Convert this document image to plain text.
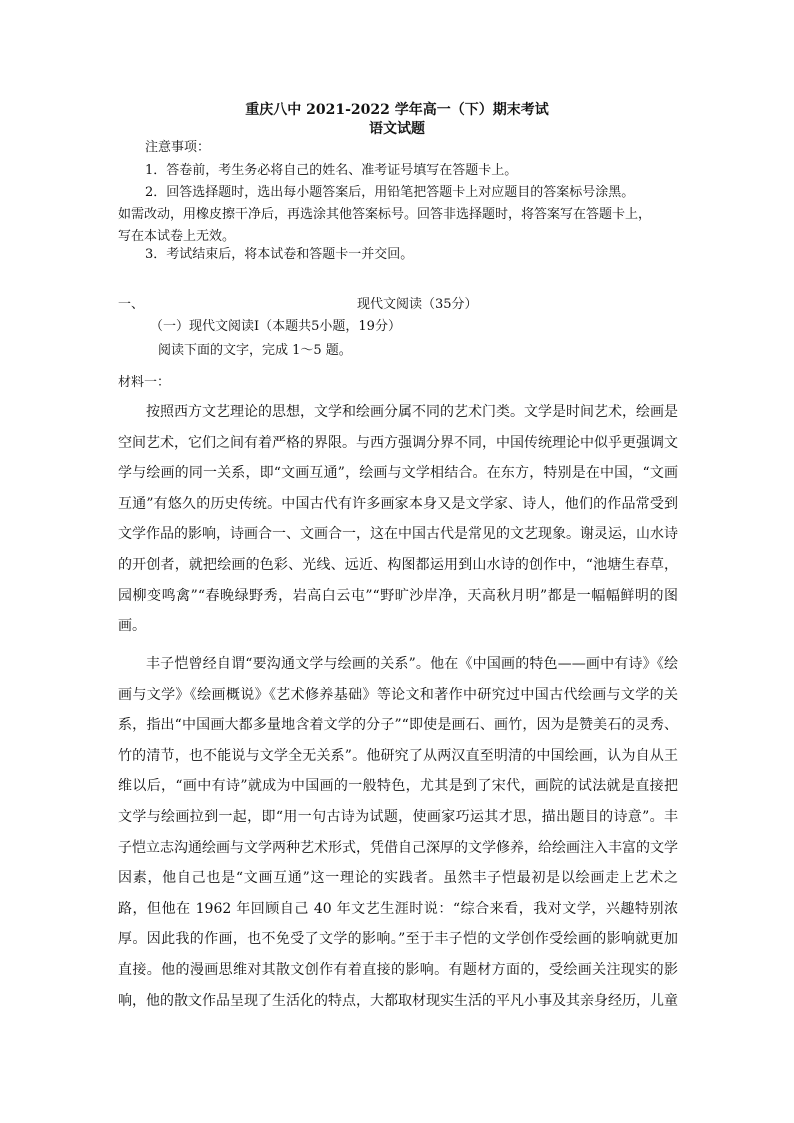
重庆八中 2021-2022 学年高一（下）期末考试
语文试题
注意事项：
1．答卷前，考生务必将自己的姓名、准考证号填写在答题卡上。
2．回答选择题时，选出每小题答案后，用铅笔把答题卡上对应题目的答案标号涂黑。
如需改动，用橡皮擦干净后，再选涂其他答案标号。回答非选择题时，将答案写在答题卡上，
写在本试卷上无效。
3．考试结束后，将本试卷和答题卡一并交回。
一、	现代文阅读（35分）
（一）现代文阅读Ⅰ（本题共5小题，19分）
阅读下面的文字，完成 1～5 题。
材料一：

按照西方文艺理论的思想，文学和绘画分属不同的艺术门类。文学是时间艺术，绘画是空间艺术，它们之间有着严格的界限。与西方强调分界不同，中国传统理论中似乎更强调文学与绘画的同一关系，即“文画互通”，绘画与文学相结合。在东方，特别是在中国，“文画互通”有悠久的历史传统。中国古代有许多画家本身又是文学家、诗人，他们的作品常受到文学作品的影响，诗画合一、文画合一，这在中国古代是常见的文艺现象。谢灵运，山水诗的开创者，就把绘画的色彩、光线、远近、构图都运用到山水诗的创作中，“池塘生春草，园柳变鸣禽”“春晚绿野秀，岩高白云屯”“野旷沙岸净，天高秋月明”都是一幅幅鲜明的图画。

丰子恺曾经自谓“要沟通文学与绘画的关系”。他在《中国画的特色——画中有诗》《绘画与文学》《绘画概说》《艺术修养基础》等论文和著作中研究过中国古代绘画与文学的关系，指出“中国画大都多量地含着文学的分子”“即使是画石、画竹，因为是赞美石的灵秀、竹的清节，也不能说与文学全无关系”。他研究了从两汉直至明清的中国绘画，认为自从王维以后，“画中有诗”就成为中国画的一般特色，尤其是到了宋代，画院的试法就是直接把文学与绘画拉到一起，即“用一句古诗为试题，使画家巧运其才思，描出题目的诗意”。丰子恺立志沟通绘画与文学两种艺术形式，凭借自己深厚的文学修养，给绘画注入丰富的文学因素，他自己也是“文画互通”这一理论的实践者。虽然丰子恺最初是以绘画走上艺术之路，但他在 1962 年回顾自己 40 年文艺生涯时说：“综合来看，我对文学，兴趣特别浓厚。因此我的作画，也不免受了文学的影响。”至于丰子恺的文学创作受绘画的影响就更加直接。他的漫画思维对其散文创作有着直接的影响。有题材方面的，受绘画关注现实的影响，他的散文作品呈现了生活化的特点，大都取材现实生活的平凡小事及其亲身经历，儿童
